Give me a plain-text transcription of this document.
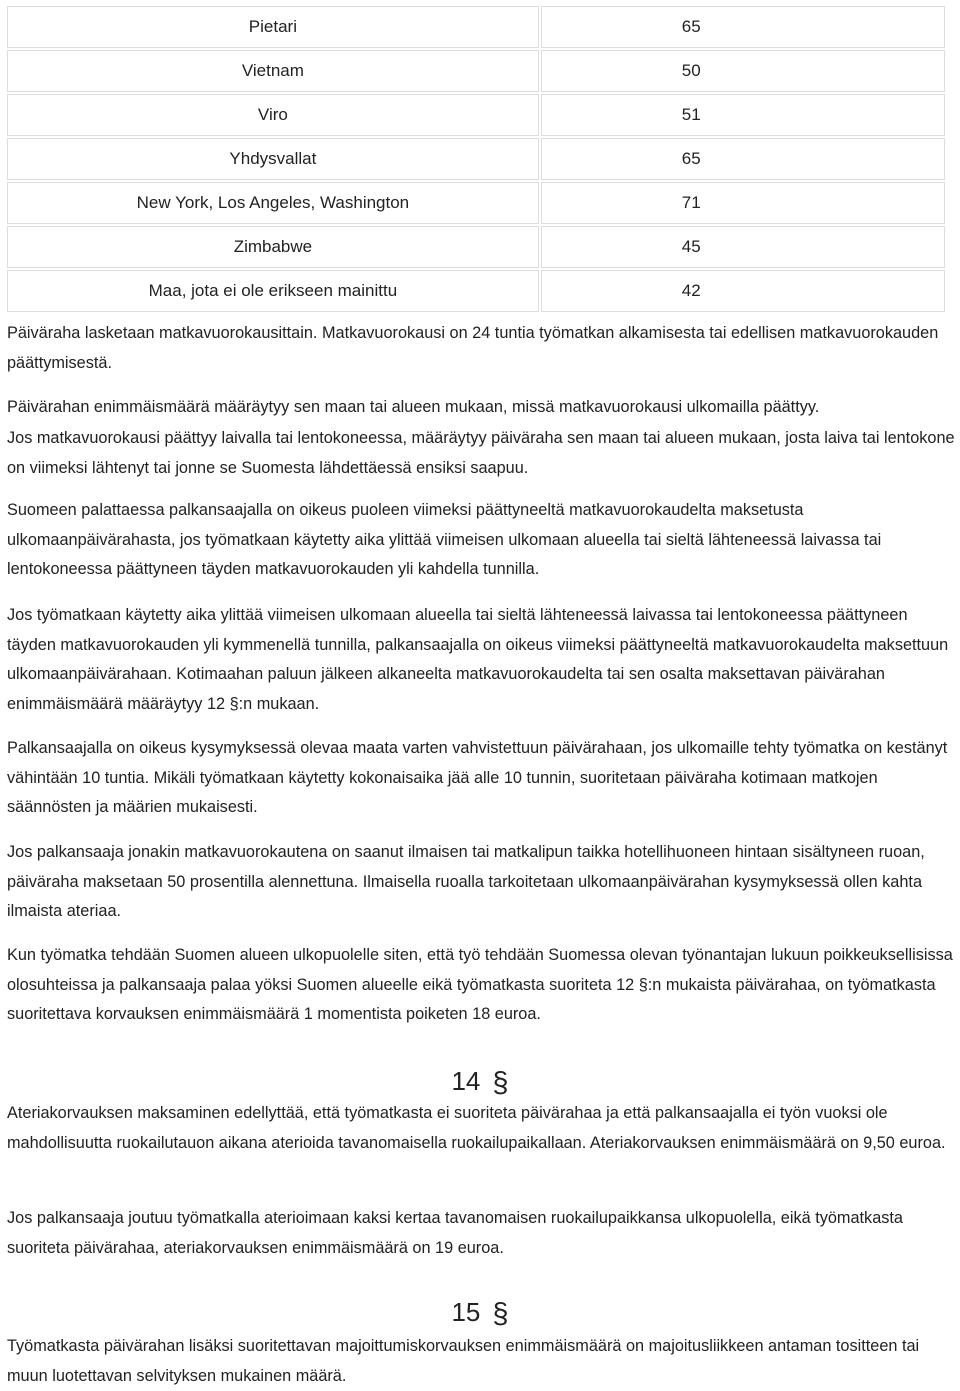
Pietari	65
Vietnam	50
Viro	51
Yhdysvallat	65
New York, Los Angeles, Washington	71
Zimbabwe	45
Maa, jota ei ole erikseen mainittu	42

Päiväraha lasketaan matkavuorokausittain. Matkavuorokausi on 24 tuntia työmatkan alkamisesta tai edellisen matkavuorokauden päättymisestä.

Päivärahan enimmäismäärä määräytyy sen maan tai alueen mukaan, missä matkavuorokausi ulkomailla päättyy.

Jos matkavuorokausi päättyy laivalla tai lentokoneessa, määräytyy päiväraha sen maan tai alueen mukaan, josta laiva tai lentokone on viimeksi lähtenyt tai jonne se Suomesta lähdettäessä ensiksi saapuu.

Suomeen palattaessa palkansaajalla on oikeus puoleen viimeksi päättyneeltä matkavuorokaudelta maksetusta ulkomaanpäivärahasta, jos työmatkaan käytetty aika ylittää viimeisen ulkomaan alueella tai sieltä lähteneessä laivassa tai lentokoneessa päättyneen täyden matkavuorokauden yli kahdella tunnilla.

Jos työmatkaan käytetty aika ylittää viimeisen ulkomaan alueella tai sieltä lähteneessä laivassa tai lentokoneessa päättyneen täyden matkavuorokauden yli kymmenellä tunnilla, palkansaajalla on oikeus viimeksi päättyneeltä matkavuorokaudelta maksettuun ulkomaanpäivärahaan. Kotimaahan paluun jälkeen alkaneelta matkavuorokaudelta tai sen osalta maksettavan päivärahan enimmäismäärä määräytyy 12 §:n mukaan.

Palkansaajalla on oikeus kysymyksessä olevaa maata varten vahvistettuun päivärahaan, jos ulkomaille tehty työmatka on kestänyt vähintään 10 tuntia. Mikäli työmatkaan käytetty kokonaisaika jää alle 10 tunnin, suoritetaan päiväraha kotimaan matkojen säännösten ja määrien mukaisesti.

Jos palkansaaja jonakin matkavuorokautena on saanut ilmaisen tai matkalipun taikka hotellihuoneen hintaan sisältyneen ruoan, päiväraha maksetaan 50 prosentilla alennettuna. Ilmaisella ruoalla tarkoitetaan ulkomaanpäivärahan kysymyksessä ollen kahta ilmaista ateriaa.

Kun työmatka tehdään Suomen alueen ulkopuolelle siten, että työ tehdään Suomessa olevan työnantajan lukuun poikkeuksellisissa olosuhteissa ja palkansaaja palaa yöksi Suomen alueelle eikä työmatkasta suoriteta 12 §:n mukaista päivärahaa, on työmatkasta suoritettava korvauksen enimmäismäärä 1 momentista poiketen 18 euroa.

14 §

Ateriakorvauksen maksaminen edellyttää, että työmatkasta ei suoriteta päivärahaa ja että palkansaajalla ei työn vuoksi ole mahdollisuutta ruokailutauon aikana aterioida tavanomaisella ruokailupaikallaan. Ateriakorvauksen enimmäismäärä on 9,50 euroa.

Jos palkansaaja joutuu työmatkalla aterioimaan kaksi kertaa tavanomaisen ruokailupaikkansa ulkopuolella, eikä työmatkasta suoriteta päivärahaa, ateriakorvauksen enimmäismäärä on 19 euroa.

15 §

Työmatkasta päivärahan lisäksi suoritettavan majoittumiskorvauksen enimmäismäärä on majoitusliikkeen antaman tositteen tai muun luotettavan selvityksen mukainen määrä.
